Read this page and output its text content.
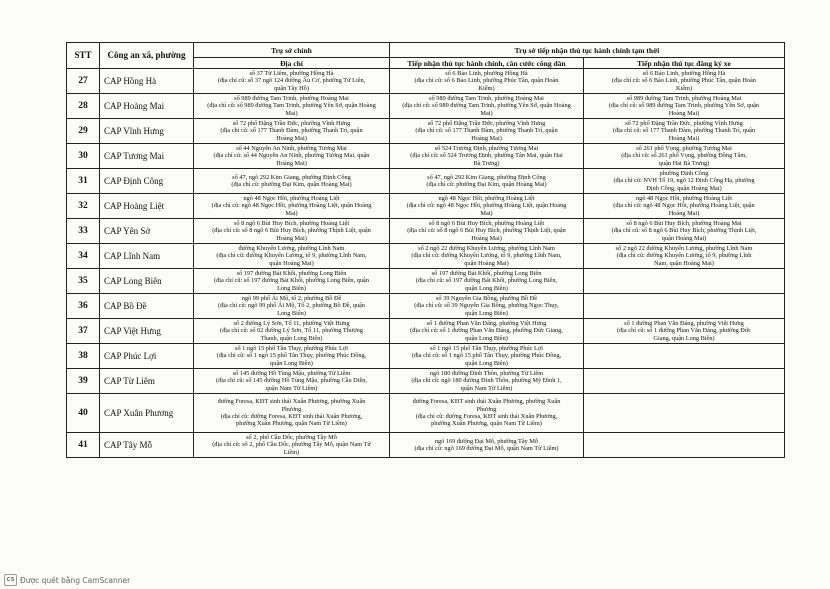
STT	Công an xã, phường	Trụ sở chính	Trụ sở tiếp nhận thủ tục hành chính tạm thời	
		Địa chỉ	Tiếp nhận thủ tục hành chính, căn cước công dân	Tiếp nhận thủ tục đăng ký xe
27	CAP Hồng Hà	số 37 Từ Liêm, phường Hồng Hà
(địa chỉ cũ: số 37 ngõ 124 đường Âu Cơ, phường Tứ Liên,
quận Tây Hồ)	số 6 Bảo Linh, phường Hồng Hà
(địa chỉ cũ: số 6 Bảo Linh, phường Phúc Tân, quận Hoàn
Kiếm)	số 6 Bảo Linh, phường Hồng Hà
(địa chỉ cũ: số 6 Bảo Linh, phường Phúc Tân, quận Hoàn
Kiếm)

28	CAP Hoàng Mai	số 989 đường Tam Trinh, phường Hoàng Mai
(địa chỉ cũ: số 989 đường Tam Trinh, phường Yên Sở, quận Hoàng
Mai)	số 989 đường Tam Trinh, phường Hoàng Mai
(địa chỉ cũ: số 989 đường Tam Trinh, phường Yên Sở, quận Hoàng
Mai)	số 989 đường Tam Trinh, phường Hoàng Mai
(địa chỉ cũ: số 989 đường Tam Trinh, phường Yên Sở, quận
Hoàng Mai)

29	CAP Vĩnh Hưng	số 72 phố Đặng Trần Đức, phường Vĩnh Hưng
(địa chỉ cũ: số 177 Thanh Đàm, phường Thanh Trì, quận
Hoàng Mai)	số 72 phố Đặng Trần Đức, phường Vĩnh Hưng
(địa chỉ cũ: số 177 Thanh Đàm, phường Thanh Trì, quận
Hoàng Mai)	số 72 phố Đặng Trần Đức, phường Vĩnh Hưng
(địa chỉ cũ: số 177 Thanh Đàm, phường Thanh Trì, quận
Hoàng Mai)

30	CAP Tương Mai	số 44 Nguyễn An Ninh, phường Tương Mai
(địa chỉ cũ: số 44 Nguyễn An Ninh, phường Tương Mai, quận
Hoàng Mai)	số 524 Trương Định, phường Tương Mai
(địa chỉ cũ: số 524 Trương Định, phường Tân Mai, quận Hai
Bà Trưng)	số 261 phố Vọng, phường Tương Mai
(địa chỉ cũ: số 261 phố Vọng, phường Đồng Tâm,
quận Hai Bà Trưng)

31	CAP Định Công	số 47, ngõ 292 Kim Giang, phường Định Công
(địa chỉ cũ: phường Đại Kim, quận Hoàng Mai)	số 47, ngõ 292 Kim Giang, phường Định Công
(địa chỉ cũ: phường Đại Kim, quận Hoàng Mai)	phường Định Công
(địa chỉ cũ: NVH Tổ 19, ngõ 12 Định Công Hạ, phường
Định Công, quận Hoàng Mai)

32	CAP Hoàng Liệt	ngõ 48 Ngọc Hồi, phường Hoàng Liệt
(địa chỉ cũ: ngõ 48 Ngọc Hồi, phường Hoàng Liệt, quận Hoàng
Mai)	ngõ 48 Ngọc Hồi, phường Hoàng Liệt
(địa chỉ cũ: ngõ 48 Ngọc Hồi, phường Hoàng Liệt, quận Hoàng
Mai)	ngõ 48 Ngọc Hồi, phường Hoàng Liệt
(địa chỉ cũ: ngõ 48 Ngọc Hồi, phường Hoàng Liệt, quận
Hoàng Mai)

33	CAP Yên Sở	số 8 ngõ 6 Bùi Huy Bích, phường Hoàng Liệt
(địa chỉ cũ: số 8 ngõ 6 Bùi Huy Bích, phường Thịnh Liệt, quận
Hoàng Mai)	số 8 ngõ 6 Bùi Huy Bích, phường Hoàng Liệt
(địa chỉ cũ: số 8 ngõ 6 Bùi Huy Bích, phường Thịnh Liệt, quận
Hoàng Mai)	số 8 ngõ 6 Bùi Huy Bích, phường Hoàng Mai
(địa chỉ cũ: số 8 ngõ 6 Bùi Huy Bích, phường Thịnh Liệt,
quận Hoàng Mai)

34	CAP Lĩnh Nam	đường Khuyến Lương, phường Lĩnh Nam
(địa chỉ cũ: đường Khuyến Lương, tổ 9, phường Lĩnh Nam,
quận Hoàng Mai)	số 2 ngõ 22 đường Khuyến Lương, phường Lĩnh Nam
(địa chỉ cũ: đường Khuyến Lương, tổ 9, phường Lĩnh Nam,
quận Hoàng Mai)	số 2 ngõ 22 đường Khuyến Lương, phường Lĩnh Nam
(địa chỉ cũ: đường Khuyến Lương, tổ 9, phường Lĩnh
Nam, quận Hoàng Mai)

35	CAP Long Biên	số 197 đường Bát Khối, phường Long Biên
(địa chỉ cũ: số 197 đường Bát Khối, phường Long Biên, quận
Long Biên)	số 197 đường Bát Khối, phường Long Biên
(địa chỉ cũ: số 197 đường Bát Khối, phường Long Biên,
quận Long Biên)	

36	CAP Bồ Đề	ngõ 99 phố Ái Mộ, tổ 2, phường Bồ Đề
(địa chỉ cũ: ngõ 99 phố Ái Mộ, Tổ 2, phường Bồ Đề, quận
Long Biên)	số 39 Nguyễn Gia Bồng, phường Bồ Đề
(địa chỉ cũ: số 39 Nguyễn Gia Bồng, phường Ngọc Thụy,
quận Long Biên)	

37	CAP Việt Hưng	số 2 đường Lý Sơn, Tổ 11, phường Việt Hưng
(địa chỉ cũ: số 02 đường Lý Sơn, Tổ 11, phường Thượng
Thanh, quận Long Biên)	số 1 đường Phan Văn Đáng, phường Việt Hưng
(địa chỉ cũ: số 1 đường Phan Văn Đáng, phường Đức Giang,
quận Long Biên)	số 1 đường Phan Văn Đáng, phường Việt Hưng
(địa chỉ cũ: số 1 đường Phan Văn Đáng, phường Đức
Giang, quận Long Biên)

38	CAP Phúc Lợi	số 1 ngõ 15 phố Tân Thụy, phường Phúc Lợi
(địa chỉ cũ: số 1 ngõ 15 phố Tân Thụy, phường Phúc Đồng,
quận Long Biên)	số 1 ngõ 15 phố Tân Thụy, phường Phúc Lợi
(địa chỉ cũ: số 1 ngõ 15 phố Tân Thụy, phường Phúc Đồng,
quận Long Biên)	

39	CAP Từ Liêm	số 145 đường Hồ Tùng Mậu, phường Từ Liêm
(địa chỉ cũ: số 145 đường Hồ Tùng Mậu, phường Cầu Diễn,
quận Nam Từ Liêm)	ngõ 180 đường Đình Thôn, phường Từ Liêm
(địa chỉ cũ: ngõ 180 đường Đình Thôn, phường Mỹ Đình 1,
quận Nam Từ Liêm)	

40	CAP Xuân Phương	đường Foresa, KĐT sinh thái Xuân Phương, phường Xuân
Phương
(địa chỉ cũ: đường Foresa, KĐT sinh thái Xuân Phương,
phường Xuân Phương, quận Nam Từ Liêm)	đường Foresa, KĐT sinh thái Xuân Phương, phường Xuân
Phương
(địa chỉ cũ: đường Foresa, KĐT sinh thái Xuân Phương,
phường Xuân Phương, quận Nam Từ Liêm)	

41	CAP Tây Mỗ	số 2, phố Cầu Dốc, phường Tây Mỗ
(địa chỉ cũ: số 2, phố Cầu Dốc, phường Tây Mỗ, quận Nam Từ
Liêm)	ngõ 169 đường Đại Mỗ, phường Tây Mỗ
(địa chỉ cũ: ngõ 169 đường Đại Mỗ, quận Nam Từ Liêm)	

CS Được quét bằng CamScanner
